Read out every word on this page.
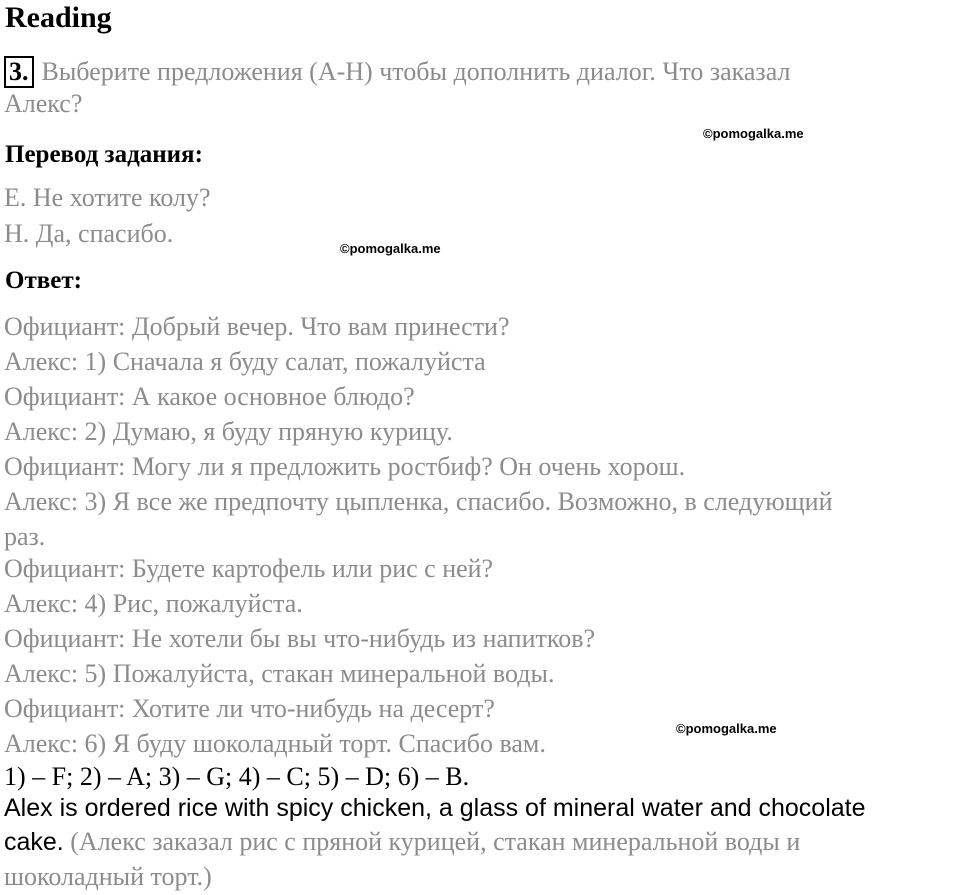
Reading
3. Выберите предложения (A-H) чтобы дополнить диалог. Что заказал
Алекс?
©pomogalka.me
Перевод задания:
E. Не хотите колу?
H. Да, спасибо.
©pomogalka.me
Ответ:
Официант: Добрый вечер. Что вам принести?
Алекс: 1) Сначала я буду салат, пожалуйста
Официант: А какое основное блюдо?
Алекс: 2) Думаю, я буду пряную курицу.
Официант: Могу ли я предложить ростбиф? Он очень хорош.
Алекс: 3) Я все же предпочту цыпленка, спасибо. Возможно, в следующий
раз.
Официант: Будете картофель или рис с ней?
Алекс: 4) Рис, пожалуйста.
Официант: Не хотели бы вы что-нибудь из напитков?
Алекс: 5) Пожалуйста, стакан минеральной воды.
Официант: Хотите ли что-нибудь на десерт?
Алекс: 6) Я буду шоколадный торт. Спасибо вам.
©pomogalka.me
1) – F; 2) – A; 3) – G; 4) – C; 5) – D; 6) – B.
Alex is ordered rice with spicy chicken, a glass of mineral water and chocolate
cake. (Алекс заказал рис с пряной курицей, стакан минеральной воды и
шоколадный торт.)
